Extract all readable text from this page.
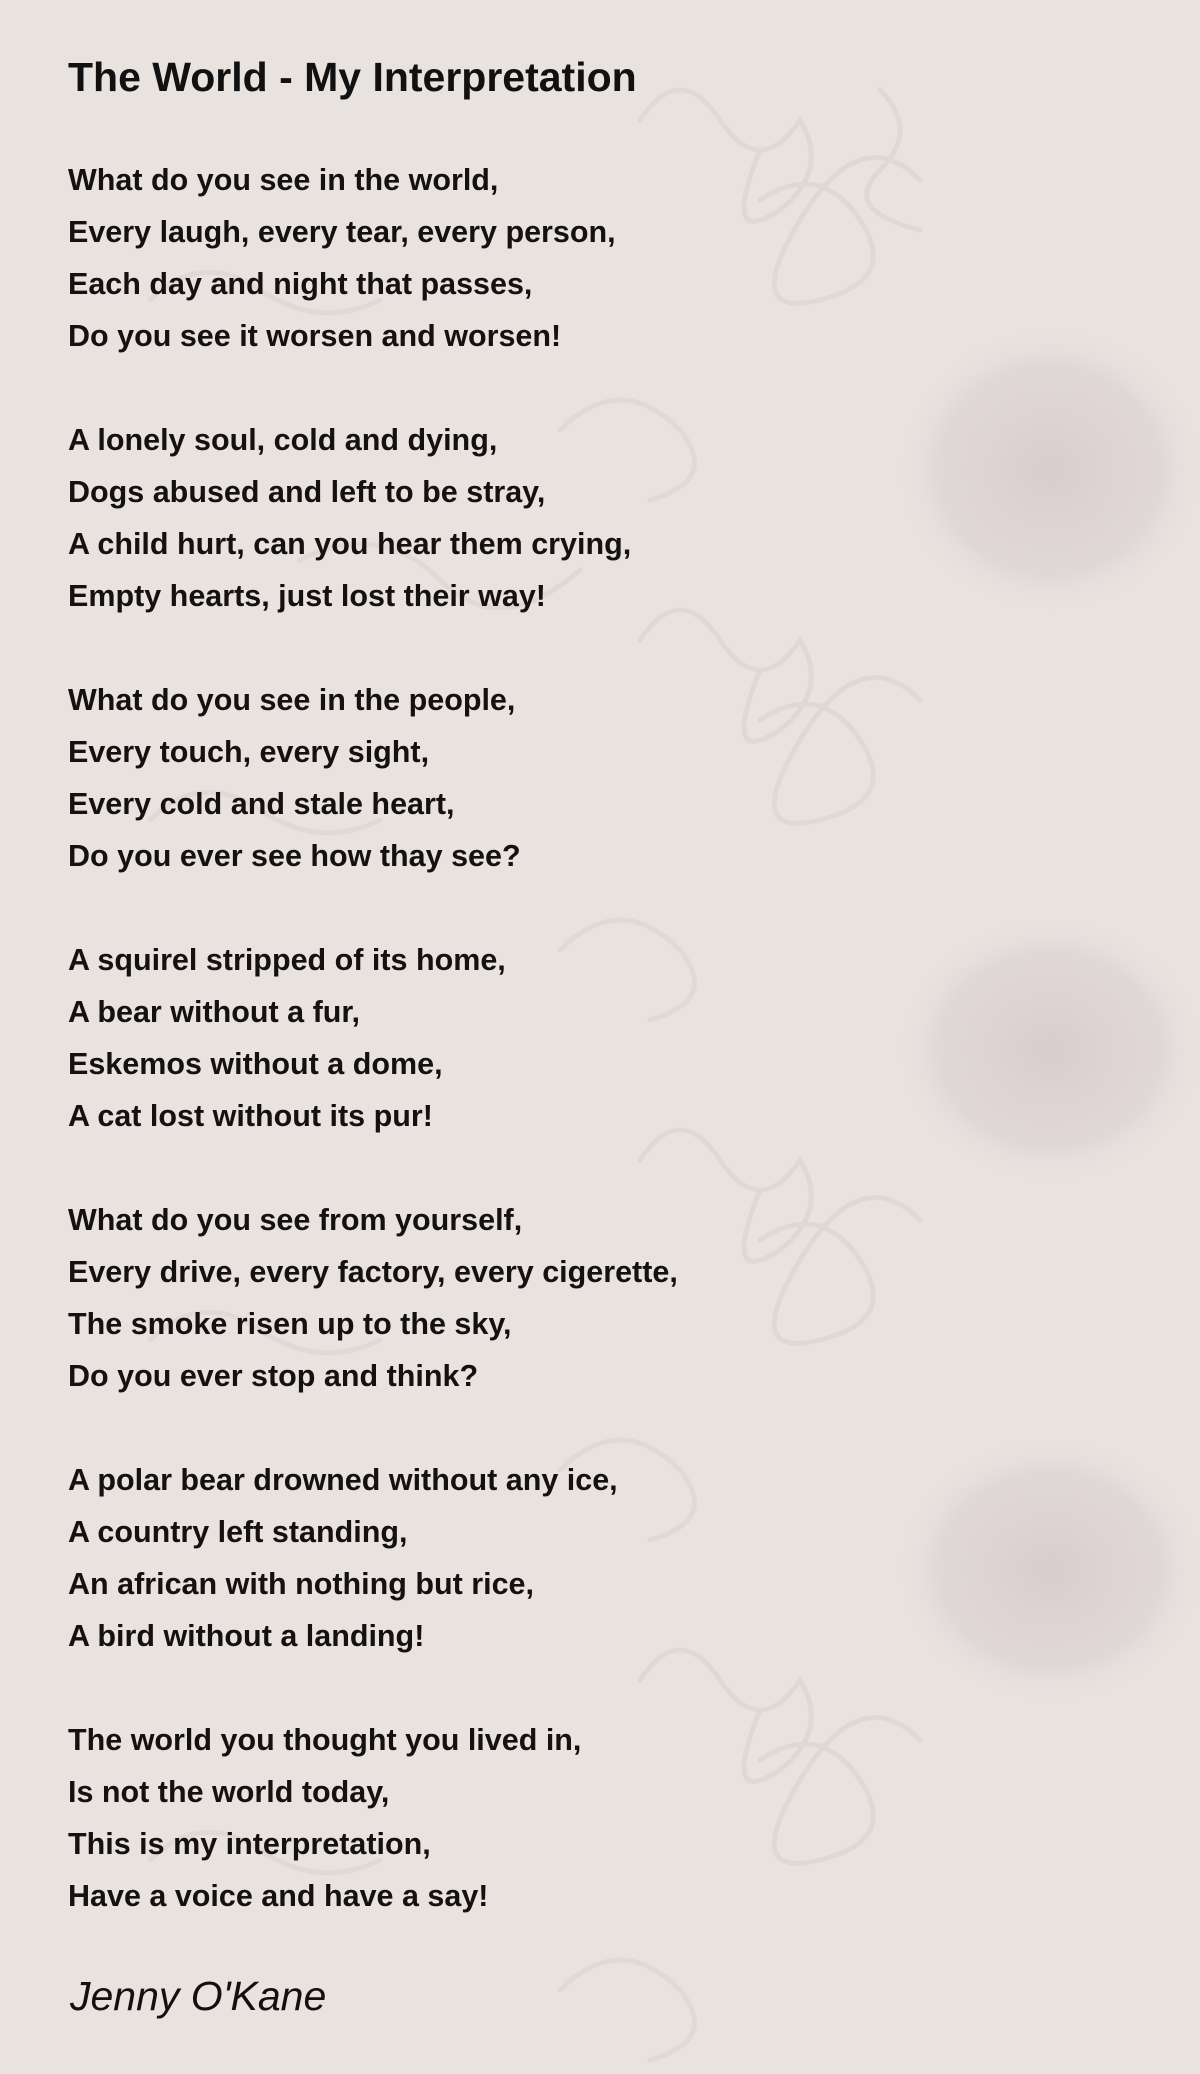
The World - My Interpretation
What do you see in the world,
Every laugh, every tear, every person,
Each day and night that passes,
Do you see it worsen and worsen!
A lonely soul, cold and dying,
Dogs abused and left to be stray,
A child hurt, can you hear them crying,
Empty hearts, just lost their way!
What do you see in the people,
Every touch, every sight,
Every cold and stale heart,
Do you ever see how thay see?
A squirel stripped of its home,
A bear without a fur,
Eskemos without a dome,
A cat lost without its pur!
What do you see from yourself,
Every drive, every factory, every cigerette,
The smoke risen up to the sky,
Do you ever stop and think?
A polar bear drowned without any ice,
A country left standing,
An african with nothing but rice,
A bird without a landing!
The world you thought you lived in,
Is not the world today,
This is my interpretation,
Have a voice and have a say!
Jenny O'Kane
